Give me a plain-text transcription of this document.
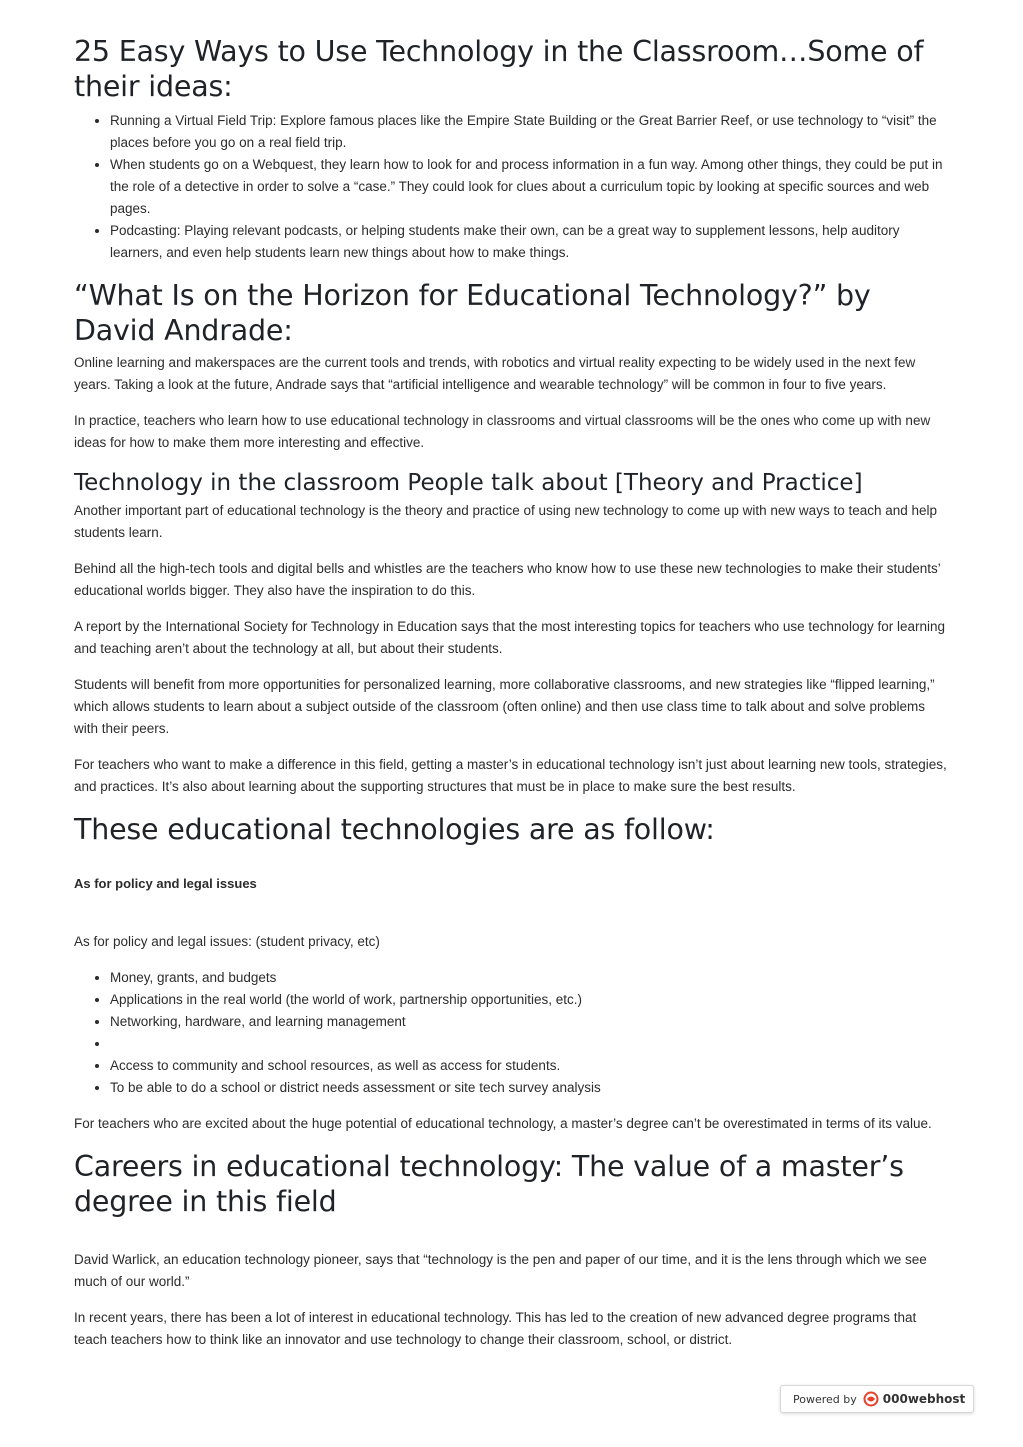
25 Easy Ways to Use Technology in the Classroom…Some of their ideas:
• Running a Virtual Field Trip: Explore famous places like the Empire State Building or the Great Barrier Reef, or use technology to “visit” the places before you go on a real field trip.
• When students go on a Webquest, they learn how to look for and process information in a fun way. Among other things, they could be put in the role of a detective in order to solve a “case.” They could look for clues about a curriculum topic by looking at specific sources and web pages.
• Podcasting: Playing relevant podcasts, or helping students make their own, can be a great way to supplement lessons, help auditory learners, and even help students learn new things about how to make things.
“What Is on the Horizon for Educational Technology?” by David Andrade:

Online learning and makerspaces are the current tools and trends, with robotics and virtual reality expecting to be widely used in the next few years. Taking a look at the future, Andrade says that “artificial intelligence and wearable technology” will be common in four to five years.

In practice, teachers who learn how to use educational technology in classrooms and virtual classrooms will be the ones who come up with new ideas for how to make them more interesting and effective.

Technology in the classroom People talk about [Theory and Practice]

Another important part of educational technology is the theory and practice of using new technology to come up with new ways to teach and help students learn.

Behind all the high-tech tools and digital bells and whistles are the teachers who know how to use these new technologies to make their students’ educational worlds bigger. They also have the inspiration to do this.

A report by the International Society for Technology in Education says that the most interesting topics for teachers who use technology for learning and teaching aren’t about the technology at all, but about their students.

Students will benefit from more opportunities for personalized learning, more collaborative classrooms, and new strategies like “flipped learning,” which allows students to learn about a subject outside of the classroom (often online) and then use class time to talk about and solve problems with their peers.

For teachers who want to make a difference in this field, getting a master’s in educational technology isn’t just about learning new tools, strategies, and practices. It’s also about learning about the supporting structures that must be in place to make sure the best results.

These educational technologies are as follow:

As for policy and legal issues

As for policy and legal issues: (student privacy, etc)

• Money, grants, and budgets
• Applications in the real world (the world of work, partnership opportunities, etc.)
• Networking, hardware, and learning management
•
• Access to community and school resources, as well as access for students.
• To be able to do a school or district needs assessment or site tech survey analysis

For teachers who are excited about the huge potential of educational technology, a master’s degree can’t be overestimated in terms of its value.

Careers in educational technology: The value of a master’s degree in this field

David Warlick, an education technology pioneer, says that “technology is the pen and paper of our time, and it is the lens through which we see much of our world.”

In recent years, there has been a lot of interest in educational technology. This has led to the creation of new advanced degree programs that teach teachers how to think like an innovator and use technology to change their classroom, school, or district.

Powered by 000webhost
